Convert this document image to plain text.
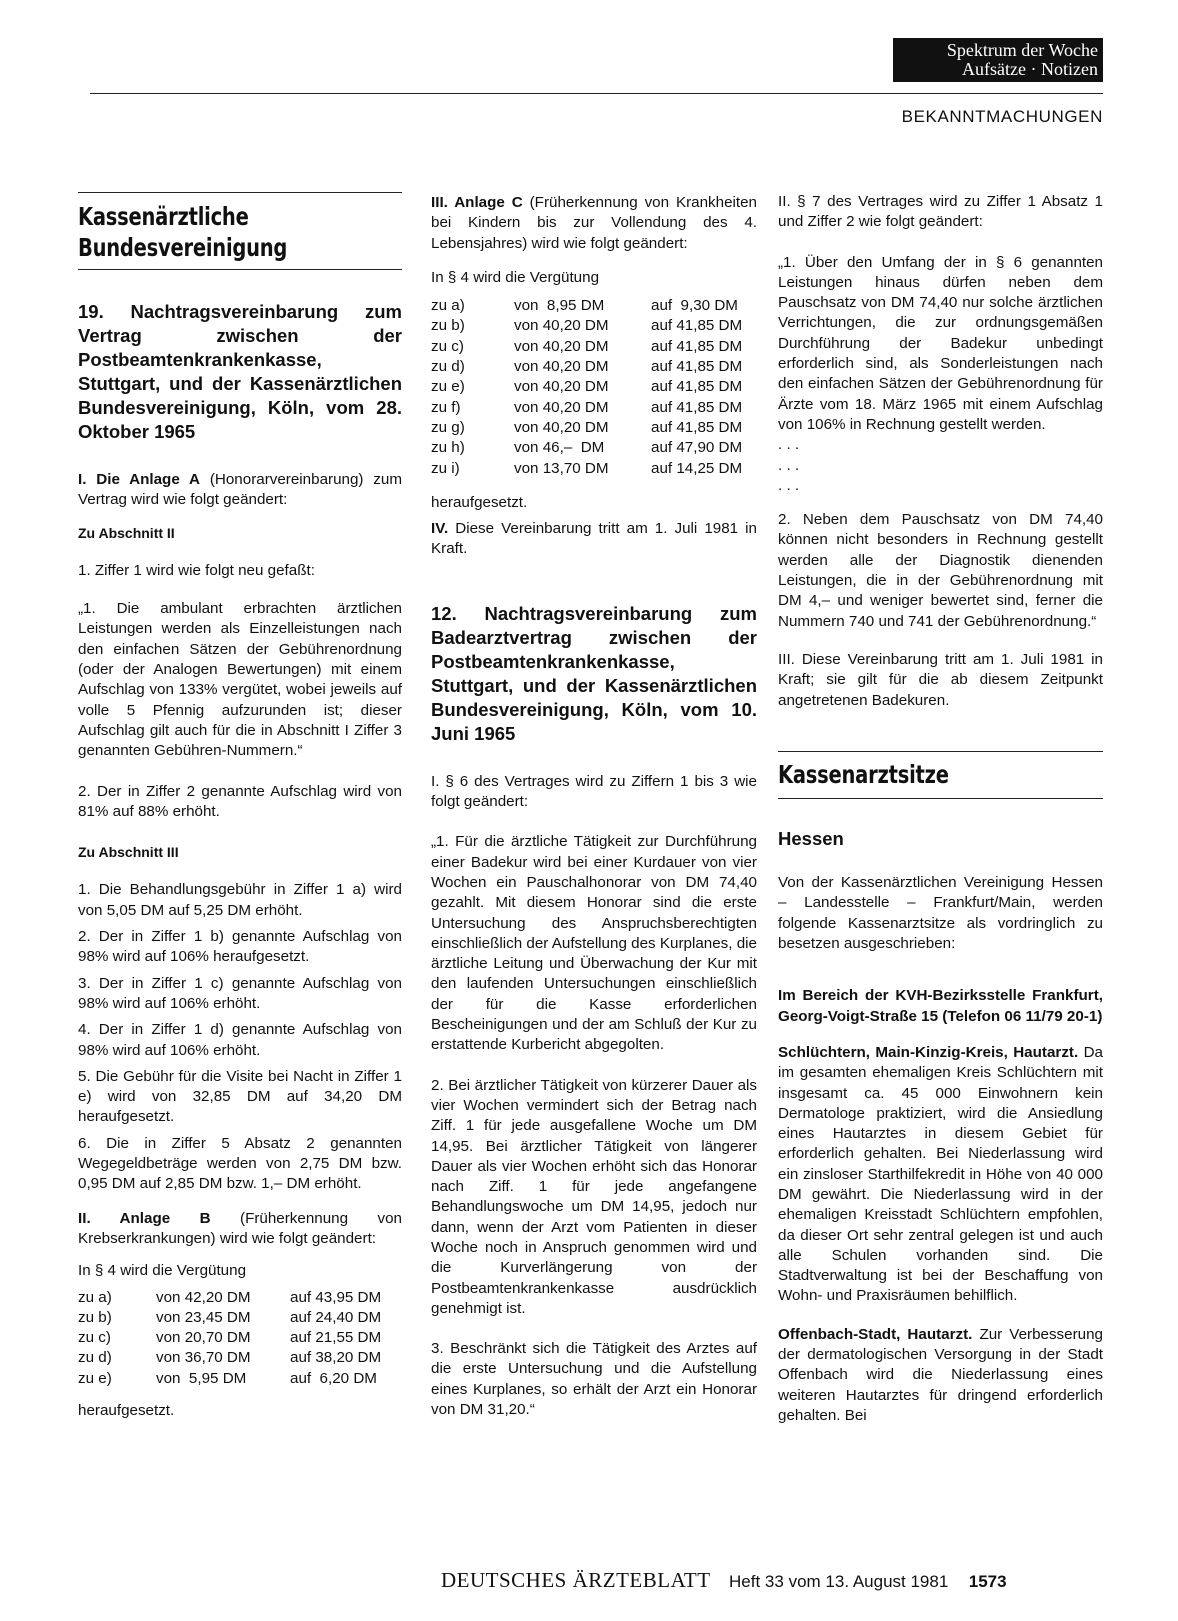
Spektrum der Woche
Aufsätze · Notizen
BEKANNTMACHUNGEN
Kassenärztliche
Bundesvereinigung
19. Nachtragsvereinbarung zum Vertrag zwischen der Postbeamtenkrankenkasse, Stuttgart, und der Kassenärztlichen Bundesvereinigung, Köln, vom 28. Oktober 1965

I. Die Anlage A (Honorarvereinbarung) zum Vertrag wird wie folgt geändert:

Zu Abschnitt II

1. Ziffer 1 wird wie folgt neu gefaßt:

„1. Die ambulant erbrachten ärztlichen Leistungen werden als Einzelleistungen nach den einfachen Sätzen der Gebührenordnung (oder der Analogen Bewertungen) mit einem Aufschlag von 133% vergütet, wobei jeweils auf volle 5 Pfennig aufzurunden ist; dieser Aufschlag gilt auch für die in Abschnitt I Ziffer 3 genannten Gebühren-Nummern.“

2. Der in Ziffer 2 genannte Aufschlag wird von 81% auf 88% erhöht.

Zu Abschnitt III

1. Die Behandlungsgebühr in Ziffer 1 a) wird von 5,05 DM auf 5,25 DM erhöht.

2. Der in Ziffer 1 b) genannte Aufschlag von 98% wird auf 106% heraufgesetzt.

3. Der in Ziffer 1 c) genannte Aufschlag von 98% wird auf 106% erhöht.

4. Der in Ziffer 1 d) genannte Aufschlag von 98% wird auf 106% erhöht.

5. Die Gebühr für die Visite bei Nacht in Ziffer 1 e) wird von 32,85 DM auf 34,20 DM heraufgesetzt.

6. Die in Ziffer 5 Absatz 2 genannten Wegegeldbeträge werden von 2,75 DM bzw. 0,95 DM auf 2,85 DM bzw. 1,– DM erhöht.

II. Anlage B (Früherkennung von Krebserkrankungen) wird wie folgt geändert:

In § 4 wird die Vergütung

zu a)	von 42,20 DM	auf 43,95 DM
zu b)	von 23,45 DM	auf 24,40 DM
zu c)	von 20,70 DM	auf 21,55 DM
zu d)	von 36,70 DM	auf 38,20 DM
zu e)	von  5,95 DM	auf  6,20 DM

heraufgesetzt.

III. Anlage C (Früherkennung von Krankheiten bei Kindern bis zur Vollendung des 4. Lebensjahres) wird wie folgt geändert:

In § 4 wird die Vergütung

zu a)	von  8,95 DM	auf  9,30 DM
zu b)	von 40,20 DM	auf 41,85 DM
zu c)	von 40,20 DM	auf 41,85 DM
zu d)	von 40,20 DM	auf 41,85 DM
zu e)	von 40,20 DM	auf 41,85 DM
zu f)	von 40,20 DM	auf 41,85 DM
zu g)	von 40,20 DM	auf 41,85 DM
zu h)	von 46,–  DM	auf 47,90 DM
zu i)	von 13,70 DM	auf 14,25 DM

heraufgesetzt.

IV. Diese Vereinbarung tritt am 1. Juli 1981 in Kraft.

12. Nachtragsvereinbarung zum Badearztvertrag zwischen der Postbeamtenkrankenkasse, Stuttgart, und der Kassenärztlichen Bundesvereinigung, Köln, vom 10. Juni 1965

I. § 6 des Vertrages wird zu Ziffern 1 bis 3 wie folgt geändert:

„1. Für die ärztliche Tätigkeit zur Durchführung einer Badekur wird bei einer Kurdauer von vier Wochen ein Pauschalhonorar von DM 74,40 gezahlt. Mit diesem Honorar sind die erste Untersuchung des Anspruchsberechtigten einschließlich der Aufstellung des Kurplanes, die ärztliche Leitung und Überwachung der Kur mit den laufenden Untersuchungen einschließlich der für die Kasse erforderlichen Bescheinigungen und der am Schluß der Kur zu erstattende Kurbericht abgegolten.

2. Bei ärztlicher Tätigkeit von kürzerer Dauer als vier Wochen vermindert sich der Betrag nach Ziff. 1 für jede ausgefallene Woche um DM 14,95. Bei ärztlicher Tätigkeit von längerer Dauer als vier Wochen erhöht sich das Honorar nach Ziff. 1 für jede angefangene Behandlungswoche um DM 14,95, jedoch nur dann, wenn der Arzt vom Patienten in dieser Woche noch in Anspruch genommen wird und die Kurverlängerung von der Postbeamtenkrankenkasse ausdrücklich genehmigt ist.

3. Beschränkt sich die Tätigkeit des Arztes auf die erste Untersuchung und die Aufstellung eines Kurplanes, so erhält der Arzt ein Honorar von DM 31,20.“

II. § 7 des Vertrages wird zu Ziffer 1 Absatz 1 und Ziffer 2 wie folgt geändert:

„1. Über den Umfang der in § 6 genannten Leistungen hinaus dürfen neben dem Pauschsatz von DM 74,40 nur solche ärztlichen Verrichtungen, die zur ordnungsgemäßen Durchführung der Badekur unbedingt erforderlich sind, als Sonderleistungen nach den einfachen Sätzen der Gebührenordnung für Ärzte vom 18. März 1965 mit einem Aufschlag von 106% in Rechnung gestellt werden.

. . .
. . .
. . .

2. Neben dem Pauschsatz von DM 74,40 können nicht besonders in Rechnung gestellt werden alle der Diagnostik dienenden Leistungen, die in der Gebührenordnung mit DM 4,– und weniger bewertet sind, ferner die Nummern 740 und 741 der Gebührenordnung.“

III. Diese Vereinbarung tritt am 1. Juli 1981 in Kraft; sie gilt für die ab diesem Zeitpunkt angetretenen Badekuren.

Kassenarztsitze
Hessen

Von der Kassenärztlichen Vereinigung Hessen – Landesstelle – Frankfurt/Main, werden folgende Kassenarztsitze als vordringlich zu besetzen ausgeschrieben:

Im Bereich der KVH-Bezirksstelle Frankfurt, Georg-Voigt-Straße 15 (Telefon 06 11/79 20-1)

Schlüchtern, Main-Kinzig-Kreis, Hautarzt. Da im gesamten ehemaligen Kreis Schlüchtern mit insgesamt ca. 45 000 Einwohnern kein Dermatologe praktiziert, wird die Ansiedlung eines Hautarztes in diesem Gebiet für erforderlich gehalten. Bei Niederlassung wird ein zinsloser Starthilfekredit in Höhe von 40 000 DM gewährt. Die Niederlassung wird in der ehemaligen Kreisstadt Schlüchtern empfohlen, da dieser Ort sehr zentral gelegen ist und auch alle Schulen vorhanden sind. Die Stadtverwaltung ist bei der Beschaffung von Wohn- und Praxisräumen behilflich.

Offenbach-Stadt, Hautarzt. Zur Verbesserung der dermatologischen Versorgung in der Stadt Offenbach wird die Niederlassung eines weiteren Hautarztes für dringend erforderlich gehalten. Bei

DEUTSCHES ÄRZTEBLATT Heft 33 vom 13. August 1981 1573
